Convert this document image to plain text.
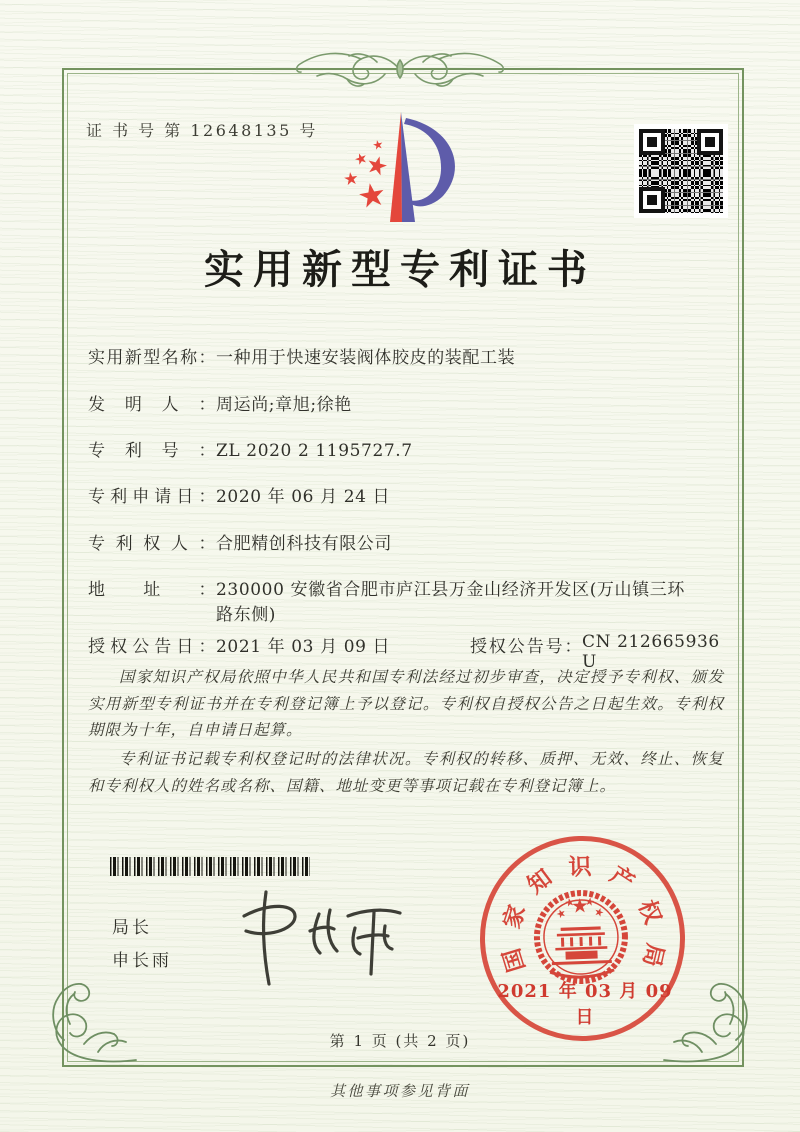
证 书 号 第 12648135 号
实用新型专利证书
实用新型名称： 一种用于快速安装阀体胶皮的装配工装
发明人： 周运尚;章旭;徐艳
专利号： ZL 2020 2 1195727.7
专利申请日： 2020 年 06 月 24 日
专利权人： 合肥精创科技有限公司
地址： 230000 安徽省合肥市庐江县万金山经济开发区(万山镇三环路东侧)
授权公告日： 2021 年 03 月 09 日	授权公告号： CN 212665936 U

国家知识产权局依照中华人民共和国专利法经过初步审查，决定授予专利权、颁发实用新型专利证书并在专利登记簿上予以登记。专利权自授权公告之日起生效。专利权期限为十年，自申请日起算。

专利证书记载专利权登记时的法律状况。专利权的转移、质押、无效、终止、恢复和专利权人的姓名或名称、国籍、地址变更等事项记载在专利登记簿上。

局长
申长雨	国
家
知 识 产
权
局
2021 年 03 月 09 日
第 1 页 (共 2 页)
其他事项参见背面
